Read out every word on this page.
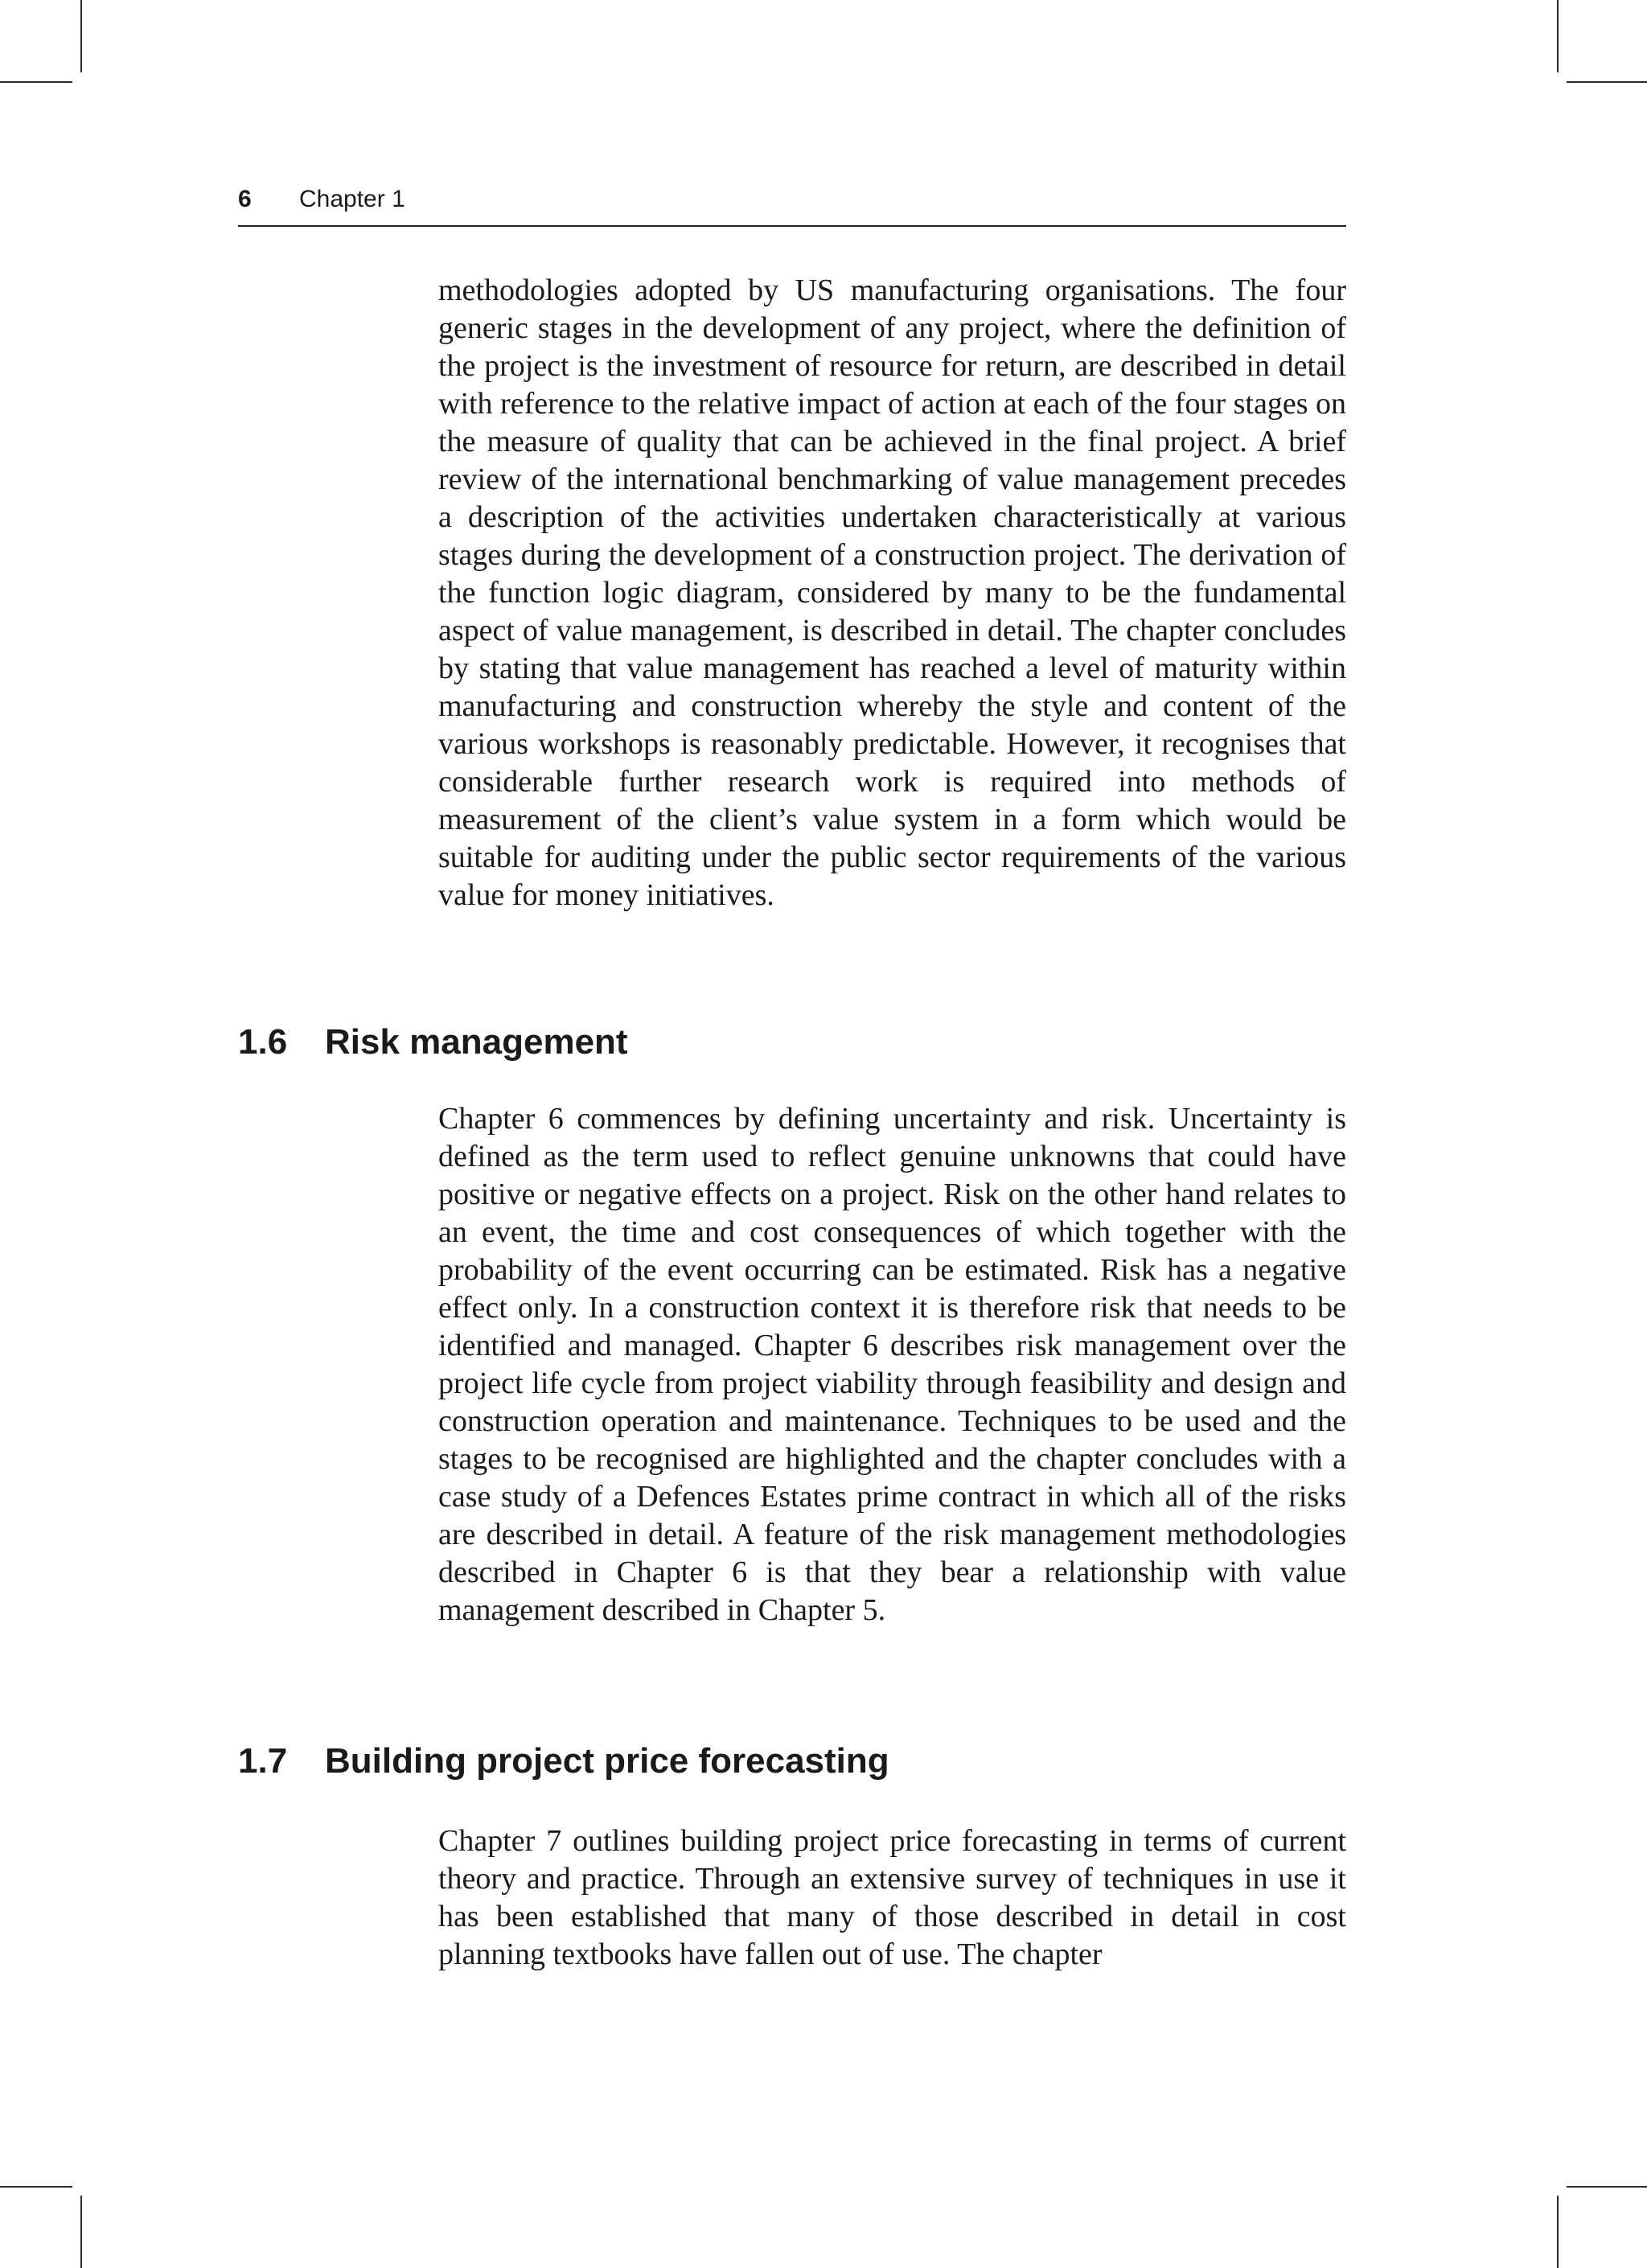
6 Chapter 1

methodologies adopted by US manufacturing organisations. The four generic stages in the development of any project, where the definition of the project is the investment of resource for return, are described in detail with reference to the relative impact of action at each of the four stages on the measure of quality that can be achieved in the final project. A brief review of the international benchmarking of value management precedes a description of the activities undertaken characteristically at various stages during the development of a construction project. The derivation of the function logic diagram, considered by many to be the fundamental aspect of value management, is described in detail. The chapter concludes by stating that value management has reached a level of maturity within manufacturing and construction whereby the style and content of the various workshops is reasonably predictable. However, it recognises that considerable further research work is required into methods of measurement of the client’s value system in a form which would be suitable for auditing under the public sector requirements of the various value for money initiatives.

1.6 Risk management

Chapter 6 commences by defining uncertainty and risk. Uncertainty is defined as the term used to reflect genuine unknowns that could have positive or negative effects on a project. Risk on the other hand relates to an event, the time and cost consequences of which together with the probability of the event occurring can be estimated. Risk has a negative effect only. In a construction context it is therefore risk that needs to be identified and managed. Chapter 6 describes risk management over the project life cycle from project viability through feasibility and design and construction operation and maintenance. Techniques to be used and the stages to be recognised are highlighted and the chapter concludes with a case study of a Defences Estates prime contract in which all of the risks are described in detail. A feature of the risk management methodologies described in Chapter 6 is that they bear a relationship with value management described in Chapter 5.

1.7 Building project price forecasting

Chapter 7 outlines building project price forecasting in terms of current theory and practice. Through an extensive survey of techniques in use it has been established that many of those described in detail in cost planning textbooks have fallen out of use. The chapter
